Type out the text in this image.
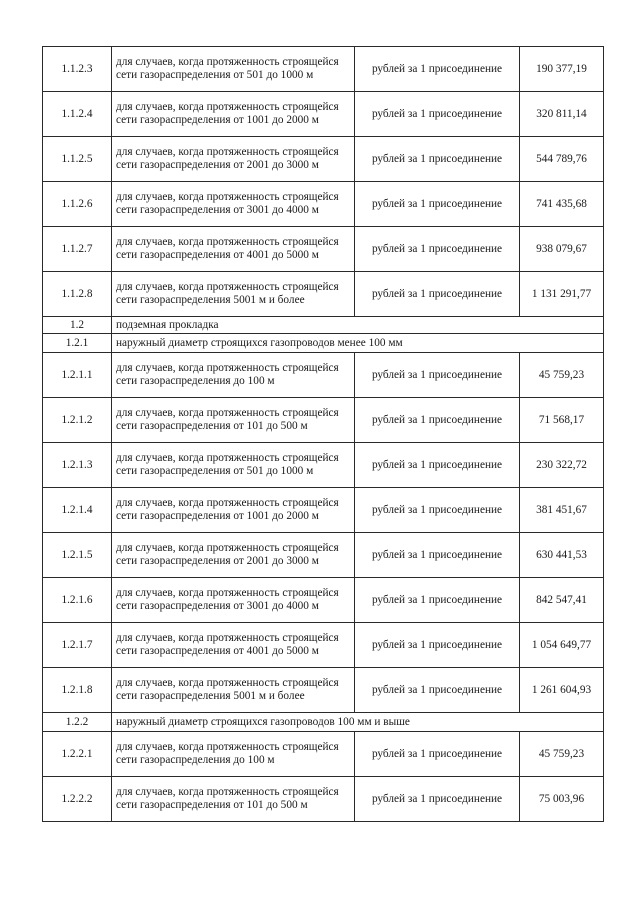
1.1.2.3	для случаев, когда протяженность строящейся сети газораспределения от 501 до 1000 м	рублей за 1 присоединение	190 377,19
1.1.2.4	для случаев, когда протяженность строящейся сети газораспределения от 1001 до 2000 м	рублей за 1 присоединение	320 811,14
1.1.2.5	для случаев, когда протяженность строящейся сети газораспределения от 2001 до 3000 м	рублей за 1 присоединение	544 789,76
1.1.2.6	для случаев, когда протяженность строящейся сети газораспределения от 3001 до 4000 м	рублей за 1 присоединение	741 435,68
1.1.2.7	для случаев, когда протяженность строящейся сети газораспределения от 4001 до 5000 м	рублей за 1 присоединение	938 079,67
1.1.2.8	для случаев, когда протяженность строящейся сети газораспределения 5001 м и более	рублей за 1 присоединение	1 131 291,77
1.2	подземная прокладка		
1.2.1	наружный диаметр строящихся газопроводов менее 100 мм		
1.2.1.1	для случаев, когда протяженность строящейся сети газораспределения до 100 м	рублей за 1 присоединение	45 759,23
1.2.1.2	для случаев, когда протяженность строящейся сети газораспределения от 101 до 500 м	рублей за 1 присоединение	71 568,17
1.2.1.3	для случаев, когда протяженность строящейся сети газораспределения от 501 до 1000 м	рублей за 1 присоединение	230 322,72
1.2.1.4	для случаев, когда протяженность строящейся сети газораспределения от 1001 до 2000 м	рублей за 1 присоединение	381 451,67
1.2.1.5	для случаев, когда протяженность строящейся сети газораспределения от 2001 до 3000 м	рублей за 1 присоединение	630 441,53
1.2.1.6	для случаев, когда протяженность строящейся сети газораспределения от 3001 до 4000 м	рублей за 1 присоединение	842 547,41
1.2.1.7	для случаев, когда протяженность строящейся сети газораспределения от 4001 до 5000 м	рублей за 1 присоединение	1 054 649,77
1.2.1.8	для случаев, когда протяженность строящейся сети газораспределения 5001 м и более	рублей за 1 присоединение	1 261 604,93
1.2.2	наружный диаметр строящихся газопроводов 100 мм и выше		
1.2.2.1	для случаев, когда протяженность строящейся сети газораспределения до 100 м	рублей за 1 присоединение	45 759,23
1.2.2.2	для случаев, когда протяженность строящейся сети газораспределения от 101 до 500 м	рублей за 1 присоединение	75 003,96
